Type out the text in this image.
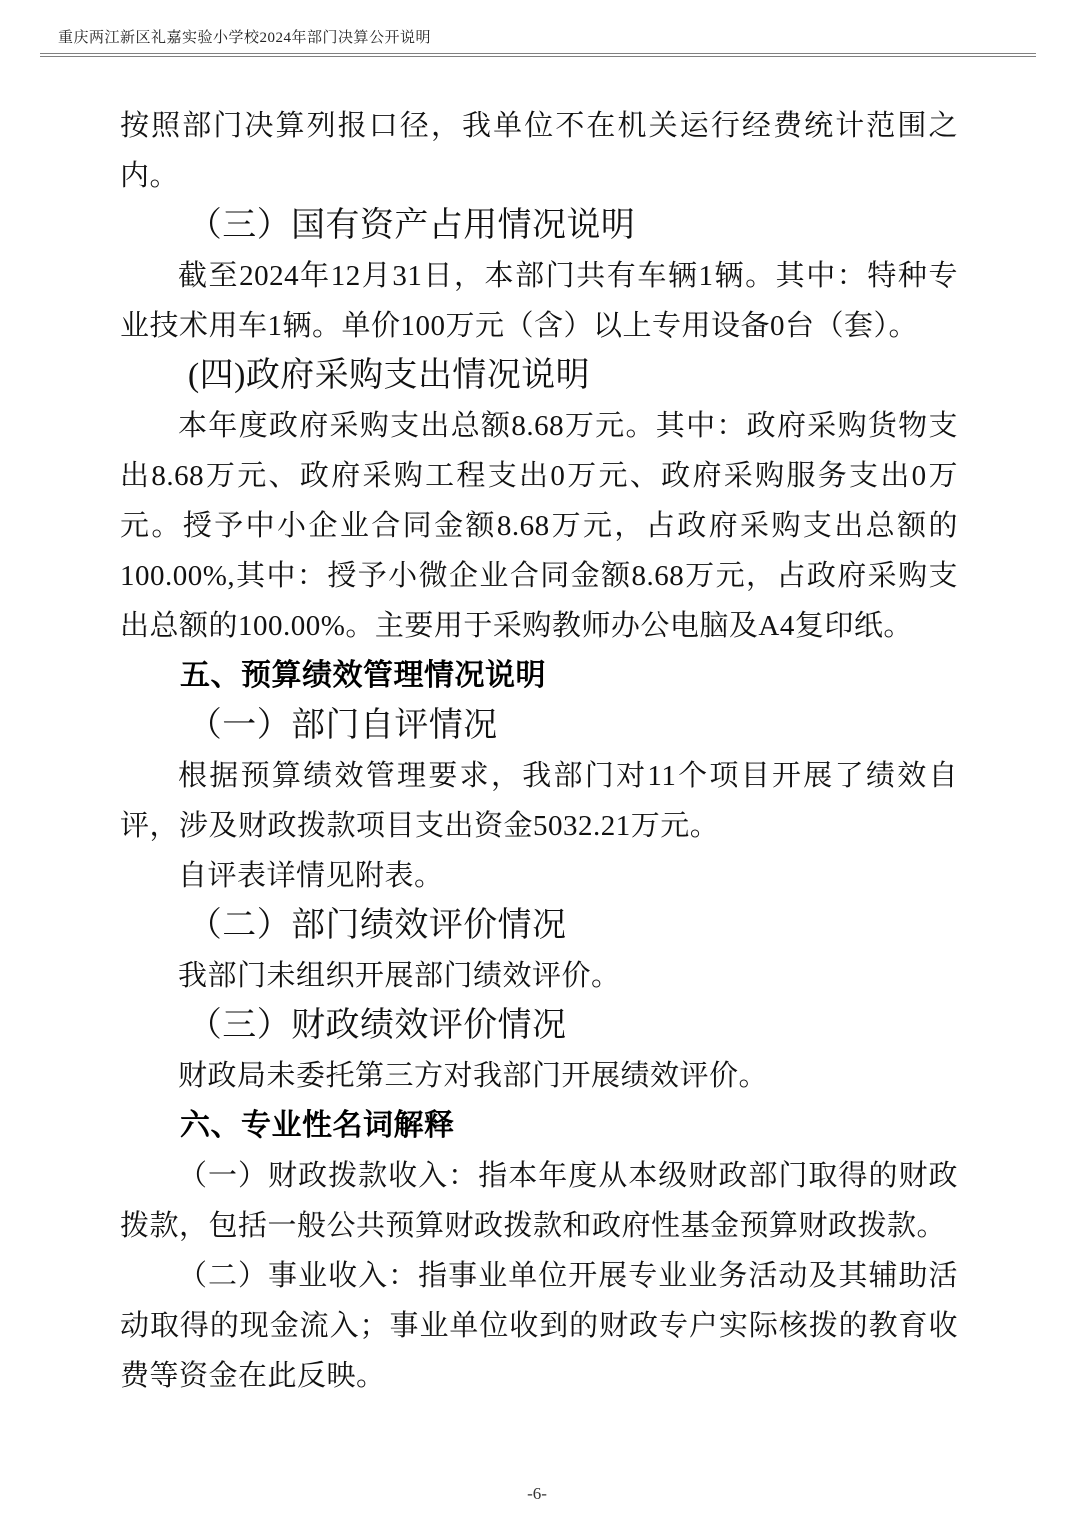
重庆两江新区礼嘉实验小学校2024年部门决算公开说明

按照部门决算列报口径，我单位不在机关运行经费统计范围之内。

（三）国有资产占用情况说明

截至2024年12月31日，本部门共有车辆1辆。其中：特种专业技术用车1辆。单价100万元（含）以上专用设备0台（套）。

(四)政府采购支出情况说明

本年度政府采购支出总额8.68万元。其中：政府采购货物支出8.68万元、政府采购工程支出0万元、政府采购服务支出0万元。授予中小企业合同金额8.68万元，占政府采购支出总额的100.00%,其中：授予小微企业合同金额8.68万元，占政府采购支出总额的100.00%。主要用于采购教师办公电脑及A4复印纸。

五、预算绩效管理情况说明
（一）部门自评情况

根据预算绩效管理要求，我部门对11个项目开展了绩效自评，涉及财政拨款项目支出资金5032.21万元。

自评表详情见附表。

（二）部门绩效评价情况

我部门未组织开展部门绩效评价。

（三）财政绩效评价情况

财政局未委托第三方对我部门开展绩效评价。

六、专业性名词解释

（一）财政拨款收入：指本年度从本级财政部门取得的财政拨款，包括一般公共预算财政拨款和政府性基金预算财政拨款。

（二）事业收入：指事业单位开展专业业务活动及其辅助活动取得的现金流入；事业单位收到的财政专户实际核拨的教育收费等资金在此反映。

-6-
